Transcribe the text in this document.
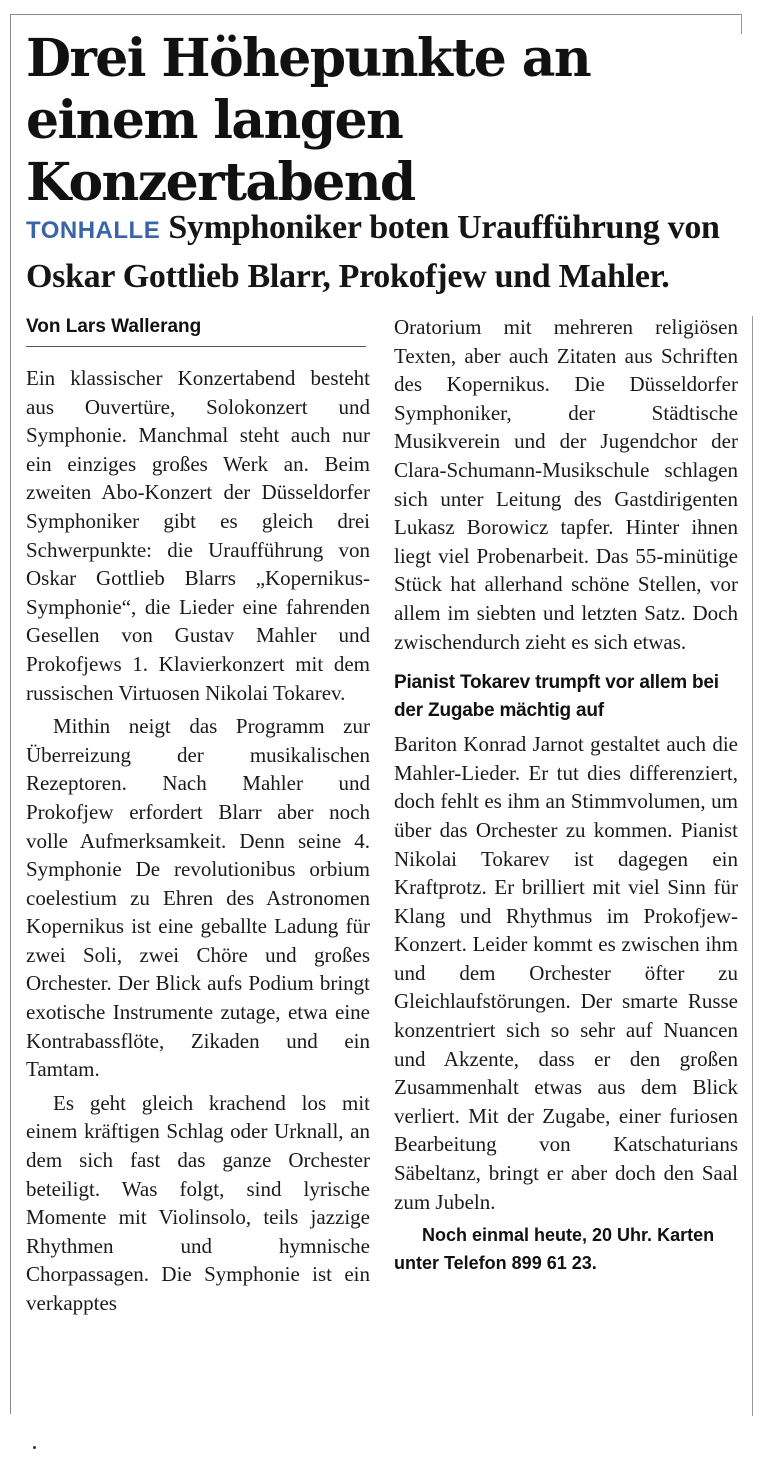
Drei Höhepunkte an einem langen Konzertabend
TONHALLE Symphoniker boten Uraufführung von Oskar Gottlieb Blarr, Prokofjew und Mahler.
Von Lars Wallerang

Ein klassischer Konzertabend besteht aus Ouvertüre, Solokonzert und Symphonie. Manchmal steht auch nur ein einziges großes Werk an. Beim zweiten Abo-Konzert der Düsseldorfer Symphoniker gibt es gleich drei Schwerpunkte: die Uraufführung von Oskar Gottlieb Blarrs „Kopernikus-Symphonie“, die Lieder eine fahrenden Gesellen von Gustav Mahler und Prokofjews 1. Klavierkonzert mit dem russischen Virtuosen Nikolai Tokarev.

Mithin neigt das Programm zur Überreizung der musikalischen Rezeptoren. Nach Mahler und Prokofjew erfordert Blarr aber noch volle Aufmerksamkeit. Denn seine 4. Symphonie De revolutionibus orbium coelestium zu Ehren des Astronomen Kopernikus ist eine geballte Ladung für zwei Soli, zwei Chöre und großes Orchester. Der Blick aufs Podium bringt exotische Instrumente zutage, etwa eine Kontrabassflöte, Zikaden und ein Tamtam.

Es geht gleich krachend los mit einem kräftigen Schlag oder Urknall, an dem sich fast das ganze Orchester beteiligt. Was folgt, sind lyrische Momente mit Violinsolo, teils jazzige Rhythmen und hymnische Chorpassagen. Die Symphonie ist ein verkapptes

Oratorium mit mehreren religiösen Texten, aber auch Zitaten aus Schriften des Kopernikus. Die Düsseldorfer Symphoniker, der Städtische Musikverein und der Jugendchor der Clara-Schumann-Musikschule schlagen sich unter Leitung des Gastdirigenten Lukasz Borowicz tapfer. Hinter ihnen liegt viel Probenarbeit. Das 55-minütige Stück hat allerhand schöne Stellen, vor allem im siebten und letzten Satz. Doch zwischendurch zieht es sich etwas.

Pianist Tokarev trumpft vor allem bei der Zugabe mächtig auf

Bariton Konrad Jarnot gestaltet auch die Mahler-Lieder. Er tut dies differenziert, doch fehlt es ihm an Stimmvolumen, um über das Orchester zu kommen. Pianist Nikolai Tokarev ist dagegen ein Kraftprotz. Er brilliert mit viel Sinn für Klang und Rhythmus im Prokofjew-Konzert. Leider kommt es zwischen ihm und dem Orchester öfter zu Gleichlaufstörungen. Der smarte Russe konzentriert sich so sehr auf Nuancen und Akzente, dass er den großen Zusammenhalt etwas aus dem Blick verliert. Mit der Zugabe, einer furiosen Bearbeitung von Katschaturians Säbeltanz, bringt er aber doch den Saal zum Jubeln.

Noch einmal heute, 20 Uhr. Karten unter Telefon 899 61 23.
